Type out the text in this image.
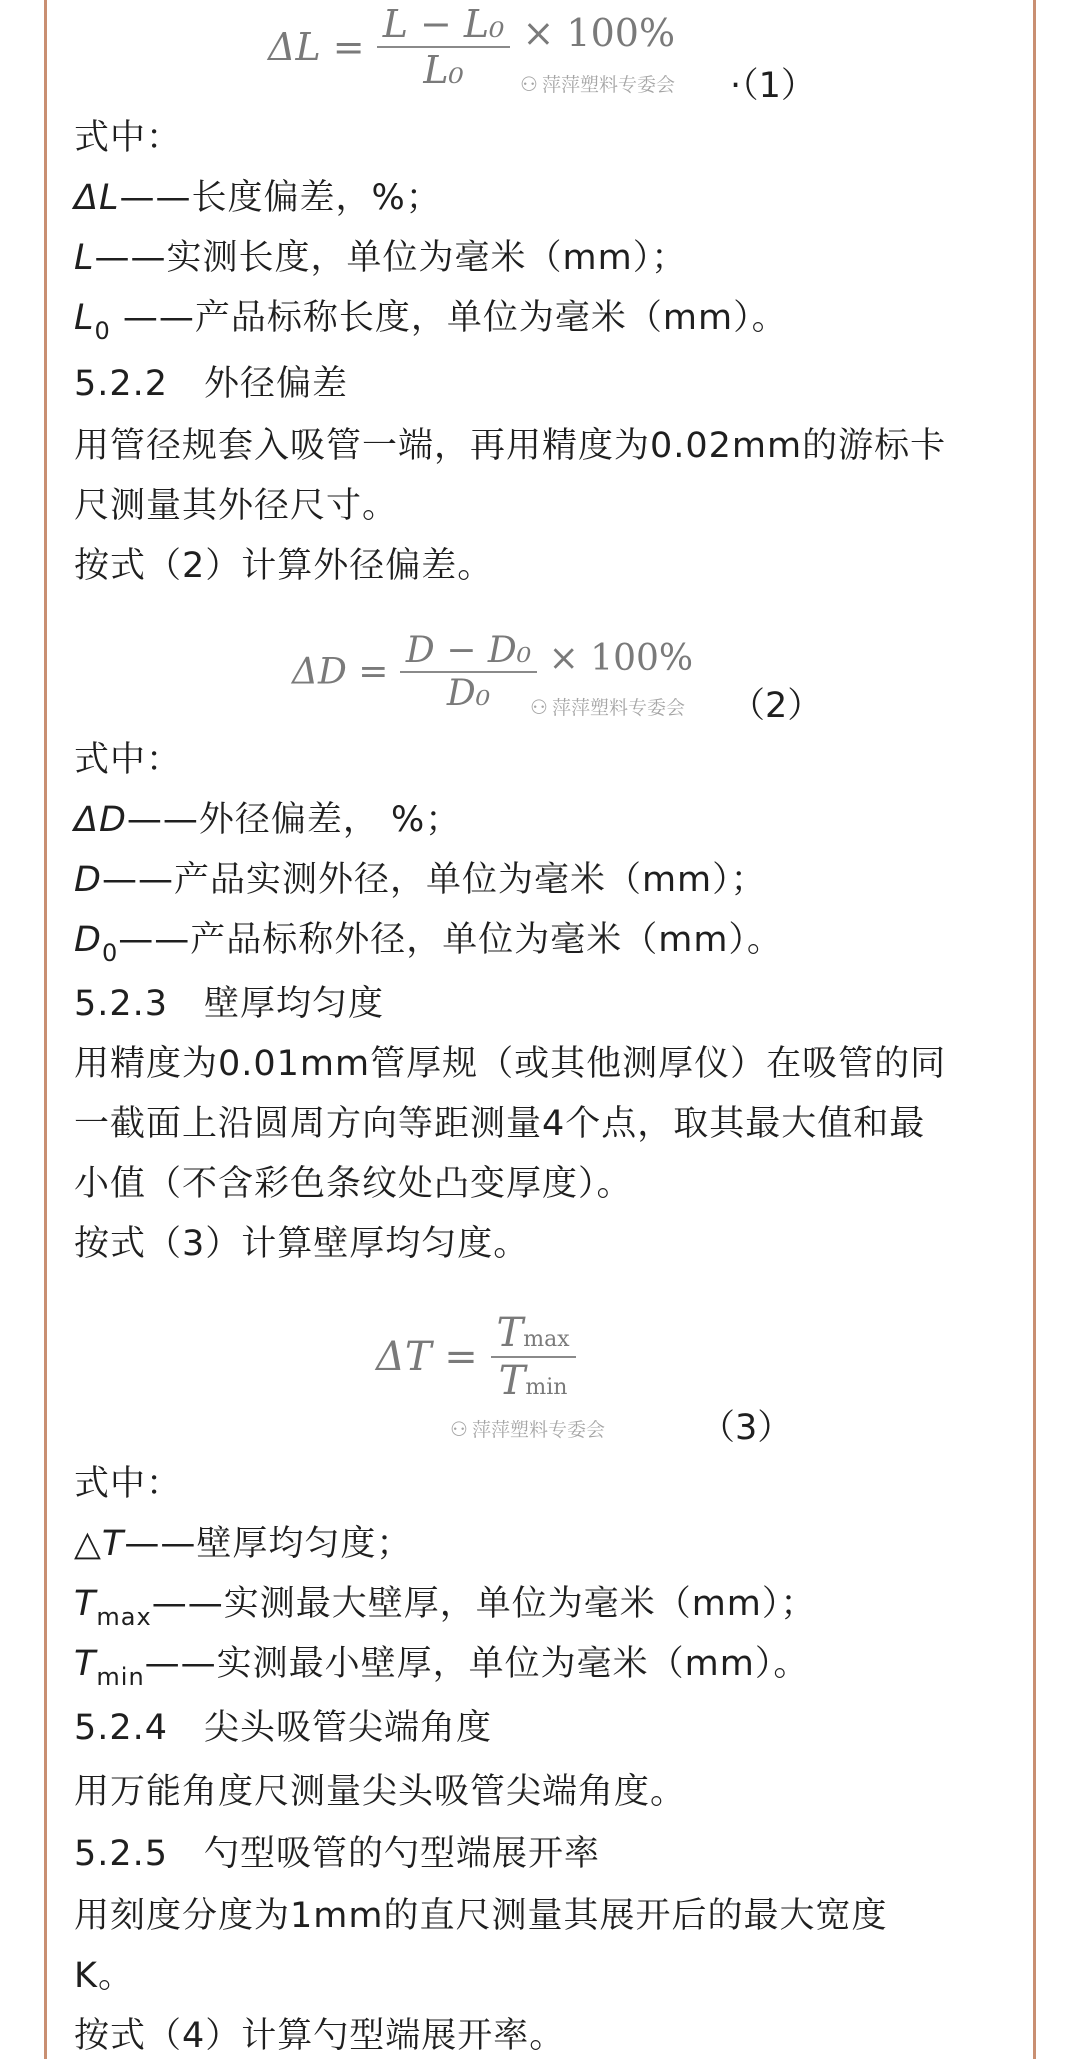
$\Delta L = \frac{\text{L − L₀}}{\text{L₀}} \times 100\%$
⚇ 萍萍塑料专委会 ·（1）
$\Delta D = \frac{\text{D − D₀}}{\text{D₀}} \times 100\%$
⚇ 萍萍塑料专委会 （2）
$\Delta T = \frac{Tmax}{Tmin}$
⚇ 萍萍塑料专委会	（3）
式中：
ΔL——长度偏差，%；
L——实测长度，单位为毫米（mm）；
$L_0$ ——产品标称长度，单位为毫米（mm）。
5.2.2　外径偏差
用管径规套入吸管一端，再用精度为0.02mm的游标卡
尺测量其外径尺寸。
按式（2）计算外径偏差。
式中：
ΔD——外径偏差， %；
D——产品实测外径，单位为毫米（mm）；
$D_0——$产品标称外径，单位为毫米（mm）。
5.2.3　壁厚均匀度
用精度为0.01mm管厚规（或其他测厚仪）在吸管的同
一截面上沿圆周方向等距测量4个点，取其最大值和最
小值（不含彩色条纹处凸变厚度）。
按式（3）计算壁厚均匀度。
式中：
△T——壁厚均匀度；
$T_{max}——$实测最大壁厚，单位为毫米（mm）；
$T_{min}——$实测最小壁厚，单位为毫米（mm）。
5.2.4　尖头吸管尖端角度
用万能角度尺测量尖头吸管尖端角度。
5.2.5　勺型吸管的勺型端展开率
用刻度分度为1mm的直尺测量其展开后的最大宽度
K。
按式（4）计算勺型端展开率。
